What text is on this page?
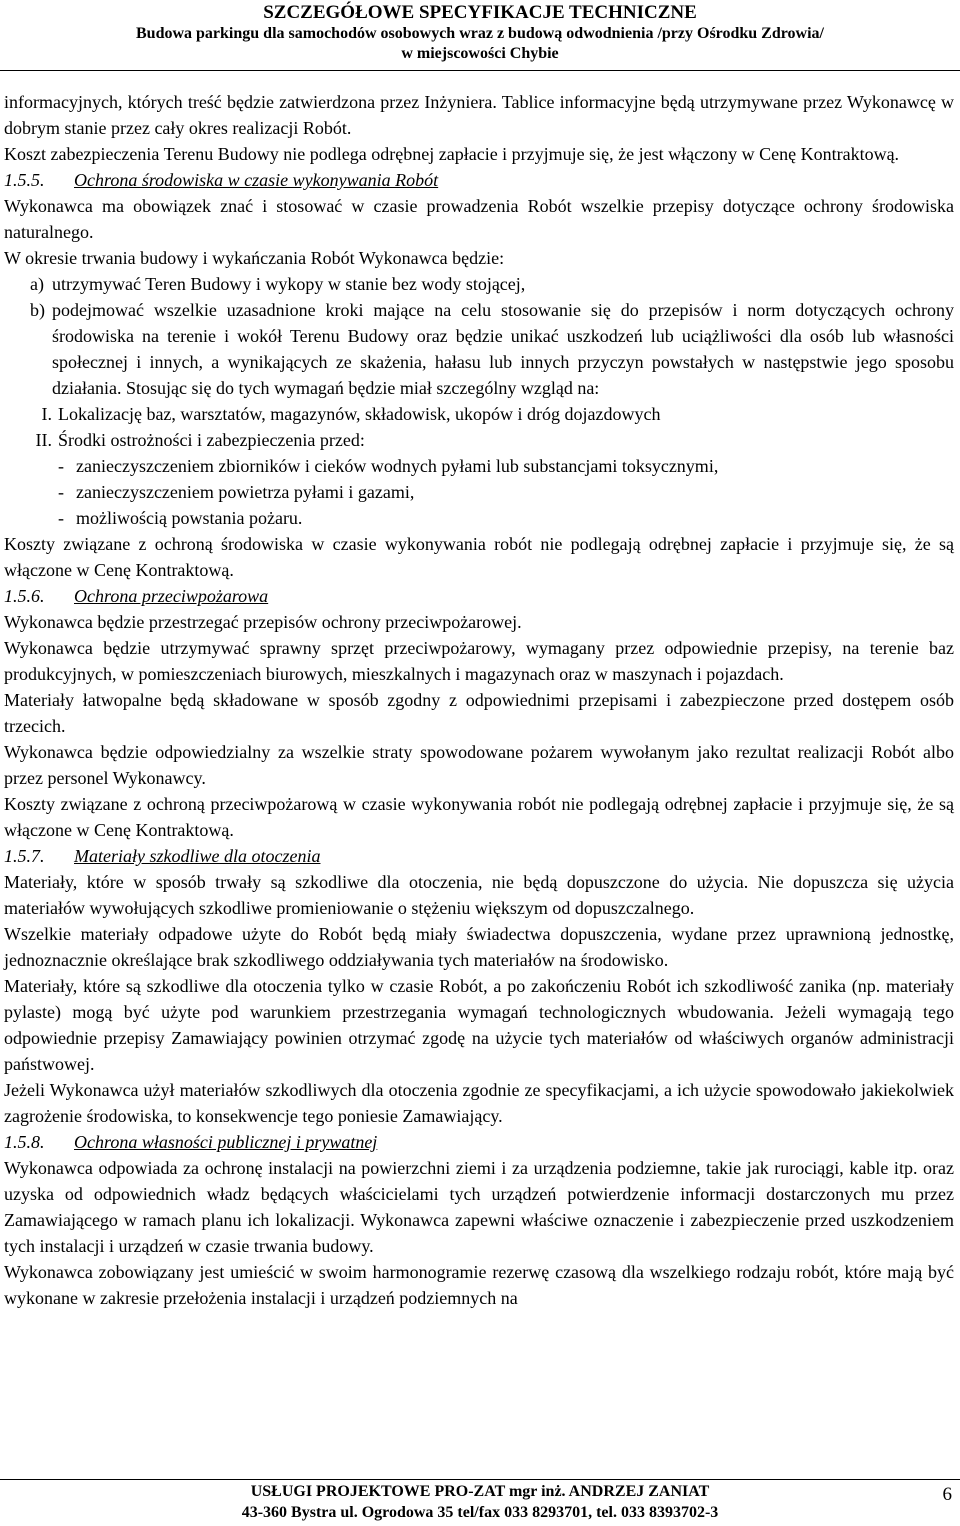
SZCZEGÓŁOWE SPECYFIKACJE TECHNICZNE
Budowa parkingu dla samochodów osobowych wraz z budową odwodnienia /przy Ośrodku Zdrowia/
w miejscowości Chybie

informacyjnych, których treść będzie zatwierdzona przez Inżyniera. Tablice informacyjne będą utrzymywane przez Wykonawcę w dobrym stanie przez cały okres realizacji Robót.

Koszt zabezpieczenia Terenu Budowy nie podlega odrębnej zapłacie i przyjmuje się, że jest włączony w Cenę Kontraktową.

1.5.5. Ochrona środowiska w czasie wykonywania Robót

Wykonawca ma obowiązek znać i stosować w czasie prowadzenia Robót wszelkie przepisy dotyczące ochrony środowiska naturalnego.

W okresie trwania budowy i wykańczania Robót Wykonawca będzie:

a) utrzymywać Teren Budowy i wykopy w stanie bez wody stojącej,
b) podejmować wszelkie uzasadnione kroki mające na celu stosowanie się do przepisów i norm dotyczących ochrony środowiska na terenie i wokół Terenu Budowy oraz będzie unikać uszkodzeń lub uciążliwości dla osób lub własności społecznej i innych, a wynikających ze skażenia, hałasu lub innych przyczyn powstałych w następstwie jego sposobu działania. Stosując się do tych wymagań będzie miał szczególny wzgląd na:
I. Lokalizację baz, warsztatów, magazynów, składowisk, ukopów i dróg dojazdowych
II. Środki ostrożności i zabezpieczenia przed:
- zanieczyszczeniem zbiorników i cieków wodnych pyłami lub substancjami toksycznymi,
- zanieczyszczeniem powietrza pyłami i gazami,
- możliwością powstania pożaru.

Koszty związane z ochroną środowiska w czasie wykonywania robót nie podlegają odrębnej zapłacie i przyjmuje się, że są włączone w Cenę Kontraktową.

1.5.6. Ochrona przeciwpożarowa

Wykonawca będzie przestrzegać przepisów ochrony przeciwpożarowej.

Wykonawca będzie utrzymywać sprawny sprzęt przeciwpożarowy, wymagany przez odpowiednie przepisy, na terenie baz produkcyjnych, w pomieszczeniach biurowych, mieszkalnych i magazynach oraz w maszynach i pojazdach.

Materiały łatwopalne będą składowane w sposób zgodny z odpowiednimi przepisami i zabezpieczone przed dostępem osób trzecich.

Wykonawca będzie odpowiedzialny za wszelkie straty spowodowane pożarem wywołanym jako rezultat realizacji Robót albo przez personel Wykonawcy.

Koszty związane z ochroną przeciwpożarową w czasie wykonywania robót nie podlegają odrębnej zapłacie i przyjmuje się, że są włączone w Cenę Kontraktową.

1.5.7. Materiały szkodliwe dla otoczenia

Materiały, które w sposób trwały są szkodliwe dla otoczenia, nie będą dopuszczone do użycia. Nie dopuszcza się użycia materiałów wywołujących szkodliwe promieniowanie o stężeniu większym od dopuszczalnego.

Wszelkie materiały odpadowe użyte do Robót będą miały świadectwa dopuszczenia, wydane przez uprawnioną jednostkę, jednoznacznie określające brak szkodliwego oddziaływania tych materiałów na środowisko.

Materiały, które są szkodliwe dla otoczenia tylko w czasie Robót, a po zakończeniu Robót ich szkodliwość zanika (np. materiały pylaste) mogą być użyte pod warunkiem przestrzegania wymagań technologicznych wbudowania. Jeżeli wymagają tego odpowiednie przepisy Zamawiający powinien otrzymać zgodę na użycie tych materiałów od właściwych organów administracji państwowej.

Jeżeli Wykonawca użył materiałów szkodliwych dla otoczenia zgodnie ze specyfikacjami, a ich użycie spowodowało jakiekolwiek zagrożenie środowiska, to konsekwencje tego poniesie Zamawiający.

1.5.8. Ochrona własności publicznej i prywatnej

Wykonawca odpowiada za ochronę instalacji na powierzchni ziemi i za urządzenia podziemne, takie jak rurociągi, kable itp. oraz uzyska od odpowiednich władz będących właścicielami tych urządzeń potwierdzenie informacji dostarczonych mu przez Zamawiającego w ramach planu ich lokalizacji. Wykonawca zapewni właściwe oznaczenie i zabezpieczenie przed uszkodzeniem tych instalacji i urządzeń w czasie trwania budowy.

Wykonawca zobowiązany jest umieścić w swoim harmonogramie rezerwę czasową dla wszelkiego rodzaju robót, które mają być wykonane w zakresie przełożenia instalacji i urządzeń podziemnych na

USŁUGI PROJEKTOWE PRO-ZAT mgr inż. ANDRZEJ ZANIAT
43-360 Bystra ul. Ogrodowa 35 tel/fax 033 8293701, tel. 033 8393702-3
6
